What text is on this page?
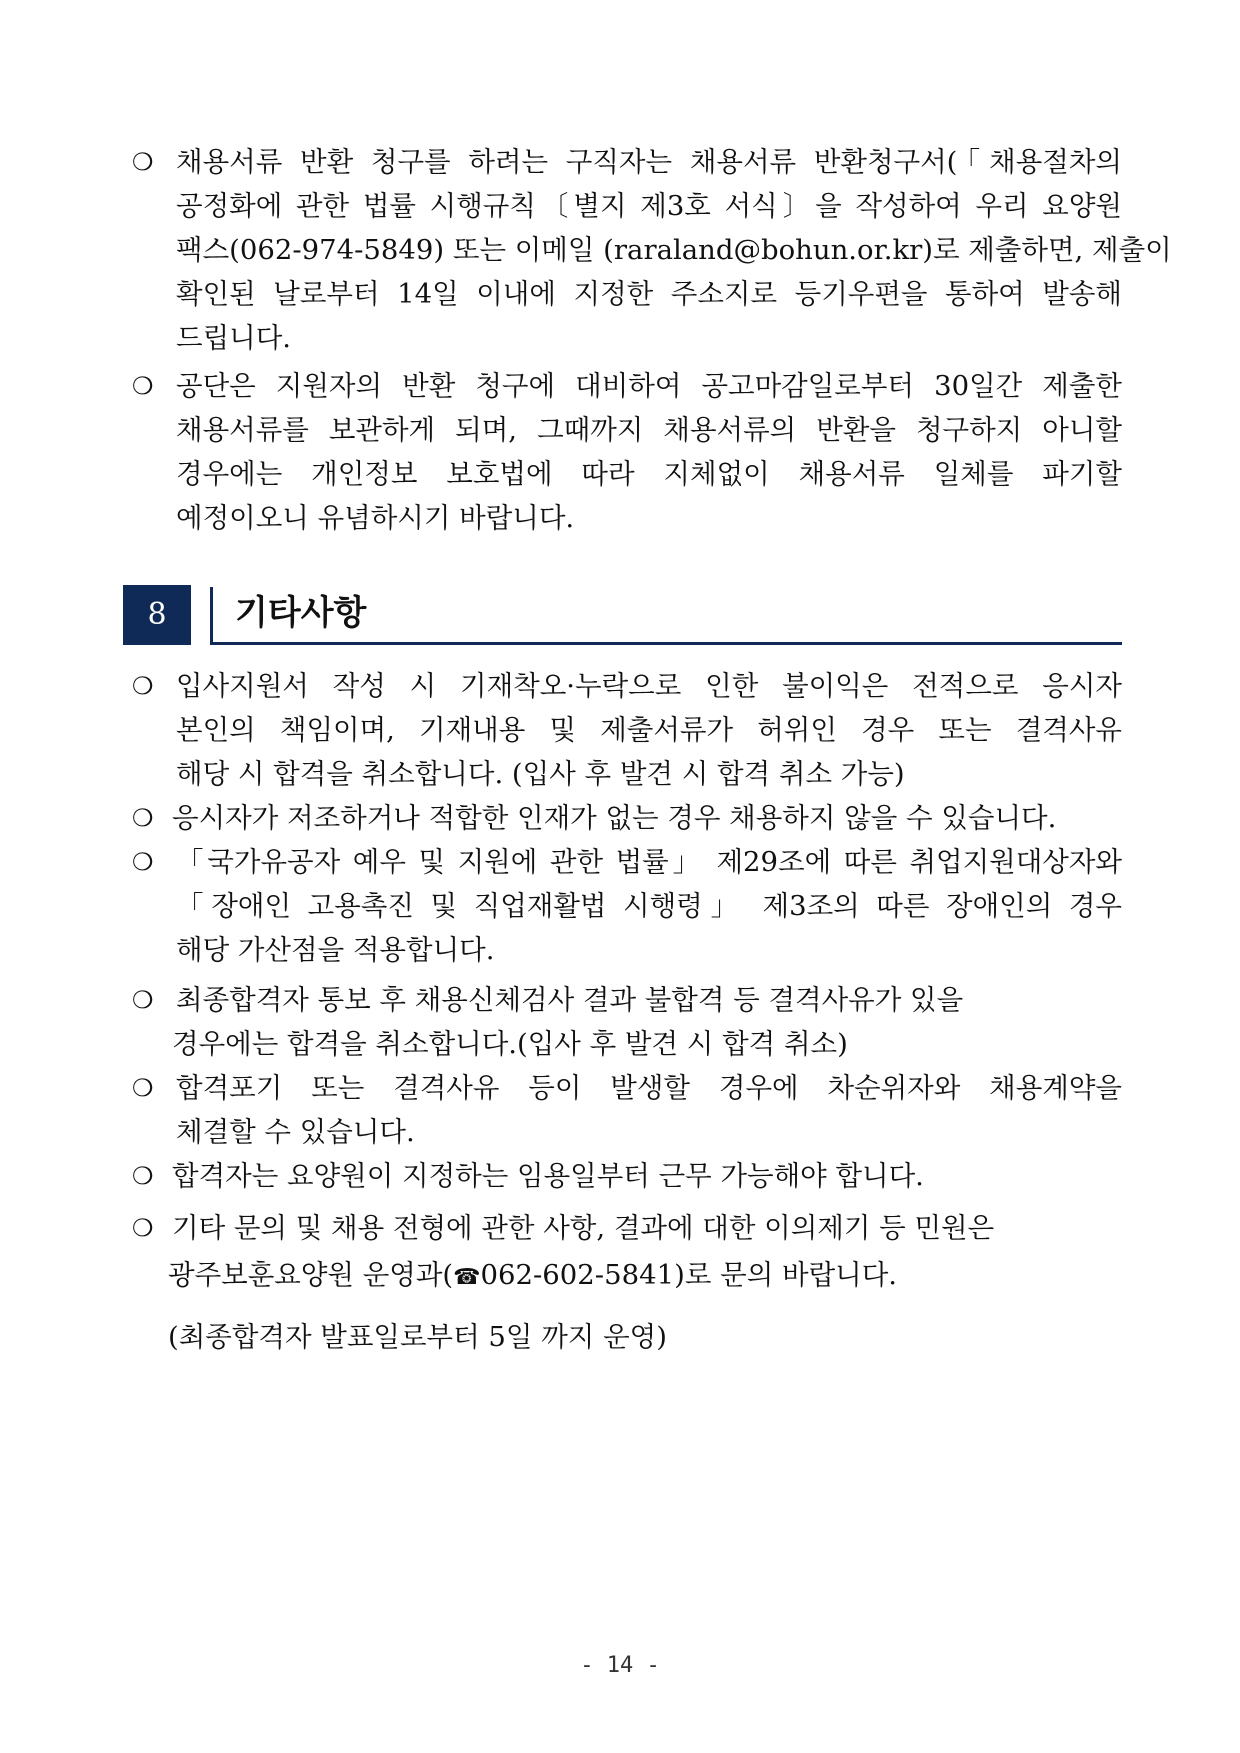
❍ 채용서류 반환 청구를 하려는 구직자는 채용서류 반환청구서(「채용절차의
공정화에 관한 법률 시행규칙〔별지 제3호 서식〕을 작성하여 우리 요양원
팩스(062-974-5849) 또는 이메일 (raraland@bohun.or.kr)로 제출하면, 제출이
확인된 날로부터 14일 이내에 지정한 주소지로 등기우편을 통하여 발송해
드립니다.
❍ 공단은 지원자의 반환 청구에 대비하여 공고마감일로부터 30일간 제출한
채용서류를 보관하게 되며, 그때까지 채용서류의 반환을 청구하지 아니할
경우에는 개인정보 보호법에 따라 지체없이 채용서류 일체를 파기할
예정이오니 유념하시기 바랍니다.
8	기타사항
❍ 입사지원서 작성 시 기재착오·누락으로 인한 불이익은 전적으로 응시자
본인의 책임이며, 기재내용 및 제출서류가 허위인 경우 또는 결격사유
해당 시 합격을 취소합니다. (입사 후 발견 시 합격 취소 가능)
❍ 응시자가 저조하거나 적합한 인재가 없는 경우 채용하지 않을 수 있습니다.
❍ 「국가유공자 예우 및 지원에 관한 법률」 제29조에 따른 취업지원대상자와
「장애인 고용촉진 및 직업재활법 시행령」 제3조의 따른 장애인의 경우
해당 가산점을 적용합니다.
❍ 최종합격자 통보 후 채용신체검사 결과 불합격 등 결격사유가 있을
경우에는 합격을 취소합니다.(입사 후 발견 시 합격 취소)
❍ 합격포기 또는 결격사유 등이 발생할 경우에 차순위자와 채용계약을
체결할 수 있습니다.
❍ 합격자는 요양원이 지정하는 임용일부터 근무 가능해야 합니다.
❍ 기타 문의 및 채용 전형에 관한 사항, 결과에 대한 이의제기 등 민원은
광주보훈요양원 운영과(☎062-602-5841)로 문의 바랍니다.
(최종합격자 발표일로부터 5일 까지 운영)
- 14 -
